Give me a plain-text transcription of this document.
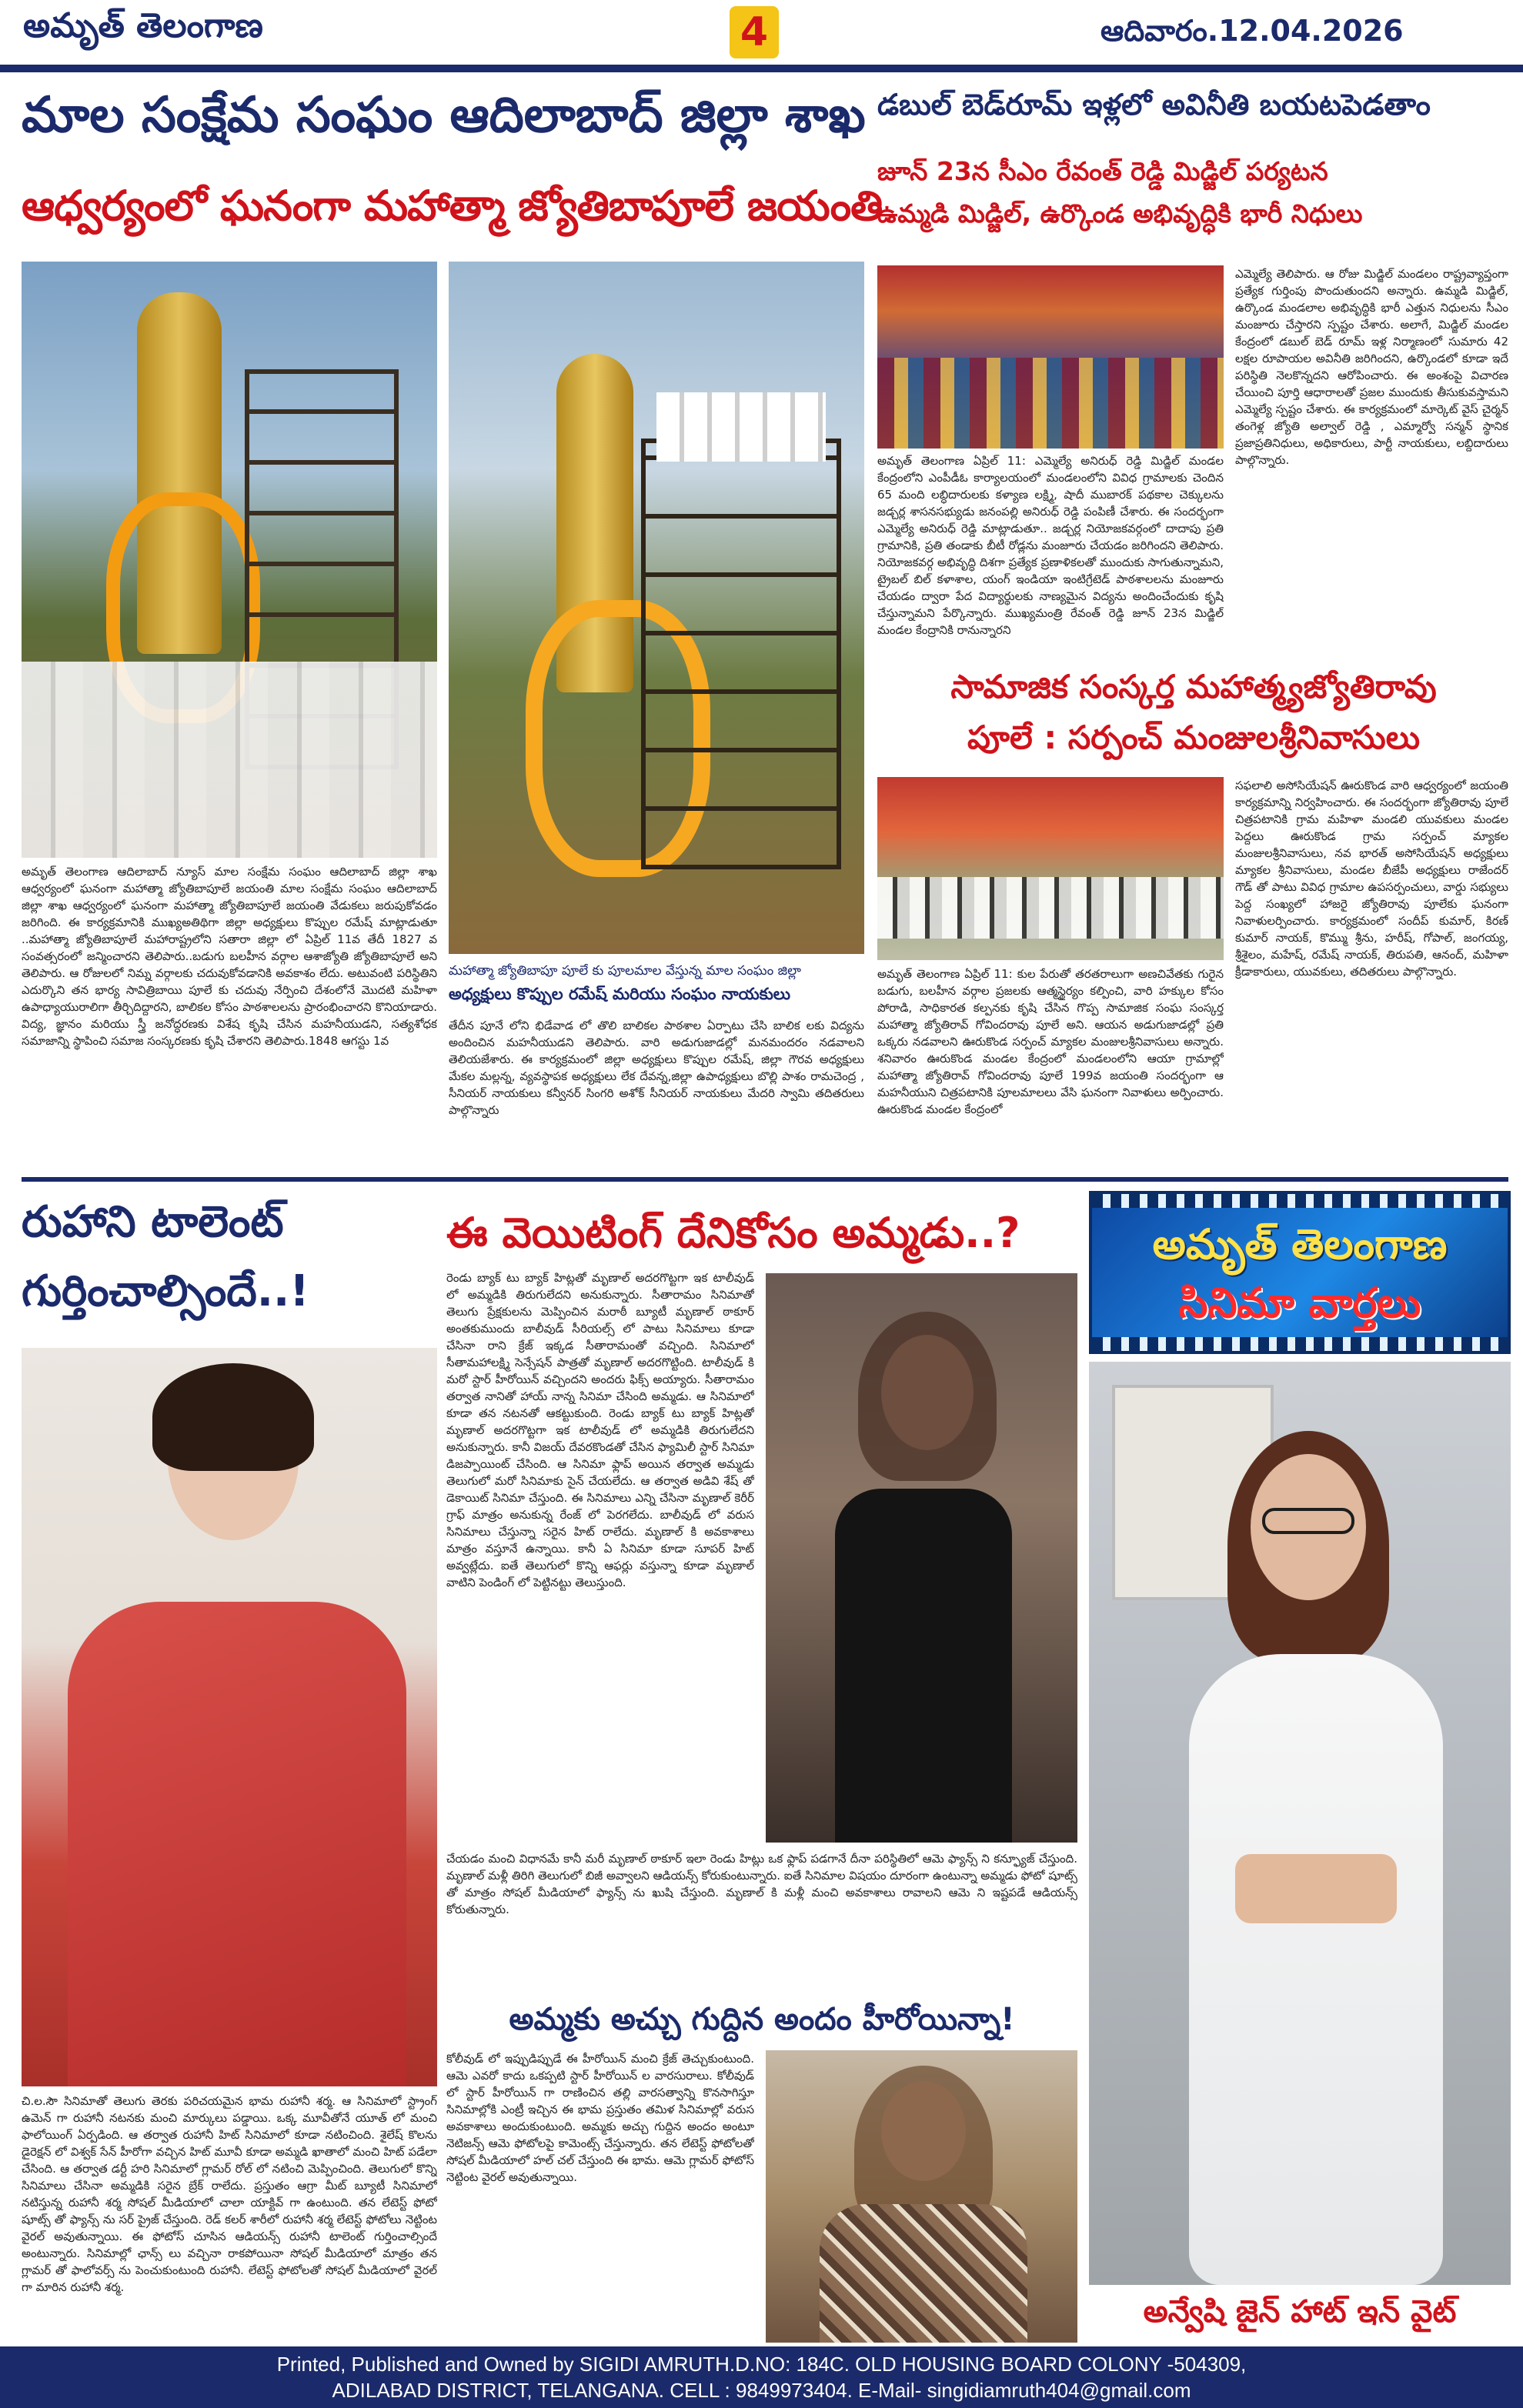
అమృత్ తెలంగాణ	4	ఆదివారం.12.04.2026
మాల సంక్షేమ సంఘం ఆదిలాబాద్ జిల్లా శాఖ
ఆధ్వర్యంలో ఘనంగా మహాత్మా జ్యోతిబాపూలే జయంతి
మహాత్మా జ్యోతిబాపూ పూలే కు పూలమాల వేస్తున్న మాల సంఘం జిల్లా
అధ్యక్షులు కొప్పుల రమేష్ మరియు సంఘం నాయకులు
అమృత్ తెలంగాణ ఆదిలాబాద్ న్యూస్ మాల సంక్షేమ సంఘం ఆదిలాబాద్ జిల్లా శాఖ ఆధ్వర్యంలో ఘనంగా మహాత్మా జ్యోతిబాపూలే జయంతి మాల సంక్షేమ సంఘం ఆదిలాబాద్ జిల్లా శాఖ ఆధ్వర్యంలో ఘనంగా మహాత్మా జ్యోతిబాపూలే జయంతి వేడుకలు జరుపుకోవడం జరిగింది. ఈ కార్యక్రమానికి ముఖ్యఅతిథిగా జిల్లా అధ్యక్షులు కొప్పుల రమేష్ మాట్లాడుతూ ..మహాత్మా జ్యోతిబాపూలే మహారాష్ట్రలోని సతారా జిల్లా లో ఏప్రిల్ 11వ తేదీ 1827 వ సంవత్సరంలో జన్మించారని తెలిపారు..బడుగు బలహీన వర్గాల ఆశాజ్యోతి జ్యోతిబాపూలే అని తెలిపారు. ఆ రోజులలో నిమ్న వర్గాలకు చదువుకోవడానికి అవకాశం లేదు. అటువంటి పరిస్థితిని ఎదుర్కొని తన భార్య సావిత్రిబాయి పూలే కు చదువు నేర్పించి దేశంలోనే మొదటి మహిళా ఉపాధ్యాయురాలిగా తీర్చిదిద్దారని, బాలికల కోసం పాఠశాలలను ప్రారంభించారని కొనియాడారు. విద్య, జ్ఞానం మరియు స్త్రీ జనోద్ధరణకు విశేష కృషి చేసిన మహనీయుడని, సత్యశోధక సమాజాన్ని స్థాపించి సమాజ సంస్కరణకు కృషి చేశారని తెలిపారు.1848 ఆగస్టు 1వ
తేదీన పూనే లోని భిడేవాడ లో తొలి బాలికల పాఠశాల ఏర్పాటు చేసి బాలిక లకు విద్యను అందించిన మహనీయుడని తెలిపారు. వారి అడుగుజాడల్లో మనమందరం నడవాలని తెలియజేశారు. ఈ కార్యక్రమంలో జిల్లా అధ్యక్షులు కొప్పుల రమేష్, జిల్లా గౌరవ అధ్యక్షులు మేకల మల్లన్న, వ్యవస్థాపక అధ్యక్షులు లేక దేవన్న,జిల్లా ఉపాధ్యక్షులు బొల్లి పాశం రామచెంద్ర , సీనియర్ నాయకులు కన్వీనర్ సింగరి అశోక్ సీనియర్ నాయకులు మేదరి స్వామి తదితరులు పాల్గొన్నారు
డబుల్ బెడ్‌రూమ్ ఇళ్లలో అవినీతి బయటపెడతాం
జూన్ 23న సీఎం రేవంత్ రెడ్డి మిడ్జిల్ పర్యటన
ఉమ్మడి మిడ్జిల్, ఉర్కొండ అభివృద్ధికి భారీ నిధులు
అమృత్ తెలంగాణ ఏప్రిల్ 11: ఎమ్మెల్యే అనిరుధ్ రెడ్డి మిడ్జిల్ మండల కేంద్రంలోని ఎంపీడీఓ కార్యాలయంలో మండలంలోని వివిధ గ్రామాలకు చెందిన 65 మంది లబ్ధిదారులకు కళ్యాణ లక్ష్మి, షాదీ ముబారక్ పథకాల చెక్కులను జడ్చర్ల శాసనసభ్యుడు జనంపల్లి అనిరుధ్ రెడ్డి పంపిణీ చేశారు. ఈ సందర్భంగా ఎమ్మెల్యే అనిరుధ్ రెడ్డి మాట్లాడుతూ.. జడ్చర్ల నియోజకవర్గంలో దాదాపు ప్రతి గ్రామానికి, ప్రతి తండాకు బీటీ రోడ్లను మంజూరు చేయడం జరిగిందని తెలిపారు. నియోజకవర్గ అభివృద్ధి దిశగా ప్రత్యేక ప్రణాళికలతో ముందుకు సాగుతున్నామని, ట్రైబల్ బిల్ కళాశాల, యంగ్ ఇండియా ఇంటిగ్రేటెడ్ పాఠశాలలను మంజూరు చేయడం ద్వారా పేద విద్యార్థులకు నాణ్యమైన విద్యను అందించేందుకు కృషి చేస్తున్నామని పేర్కొన్నారు. ముఖ్యమంత్రి రేవంత్ రెడ్డి జూన్ 23న మిడ్జిల్ మండల కేంద్రానికి రానున్నారని
ఎమ్మెల్యే తెలిపారు. ఆ రోజు మిడ్జిల్ మండలం రాష్ట్రవ్యాప్తంగా ప్రత్యేక గుర్తింపు పొందుతుందని అన్నారు. ఉమ్మడి మిడ్జిల్, ఉర్కొండ మండలాల అభివృద్ధికి భారీ ఎత్తున నిధులను సీఎం మంజూరు చేస్తారని స్పష్టం చేశారు. అలాగే, మిడ్జిల్ మండల కేంద్రంలో డబుల్ బెడ్ రూమ్ ఇళ్ల నిర్మాణంలో సుమారు 42 లక్షల రూపాయల అవినీతి జరిగిందని, ఉర్కొండలో కూడా ఇదే పరిస్థితి నెలకొన్నదని ఆరోపించారు. ఈ అంశంపై విచారణ చేయించి పూర్తి ఆధారాలతో ప్రజల ముందుకు తీసుకువస్తామని ఎమ్మెల్యే స్పష్టం చేశారు. ఈ కార్యక్రమంలో మార్కెట్ వైస్ చైర్మన్ తంగెళ్ల జ్యోతి అల్వాల్ రెడ్డి , ఎమ్మార్వో సన్మన్ స్థానిక ప్రజాప్రతినిధులు, అధికారులు, పార్టీ నాయకులు, లబ్దిదారులు పాల్గొన్నారు.
సామాజిక సంస్కర్త మహాత్మ్యజ్యోతిరావు
పూలే : సర్పంచ్ మంజులశ్రీనివాసులు
అమృత్ తెలంగాణ ఏప్రిల్ 11: కుల పేరుతో తరతరాలుగా అణచివేతకు గురైన బడుగు, బలహీన వర్గాల ప్రజలకు ఆత్మస్థైర్యం కల్పించి, వారి హక్కుల కోసం పోరాడి, సాధికారత కల్పనకు కృషి చేసిన గొప్ప సామాజిక సంఘ సంస్కర్త మహాత్మా జ్యోతిరావ్ గోవిందరావు పూలే అని. ఆయన అడుగుజాడల్లో ప్రతి ఒక్కరు నడవాలని ఊరుకొండ సర్పంచ్ మ్యాకల మంజులశ్రీనివాసులు అన్నారు. శనివారం ఊరుకొండ మండల కేంద్రంలో మండలంలోని ఆయా గ్రామాల్లో మహాత్మా జ్యోతిరావ్ గోవిందరావు పూలే 199వ జయంతి సందర్భంగా ఆ మహనీయుని చిత్రపటానికి పూలమాలలు వేసి ఘనంగా నివాళులు అర్పించారు. ఊరుకొండ మండల కేంద్రంలో
సఫలాలి అసోసియేషన్ ఊరుకొండ వారి ఆధ్వర్యంలో జయంతి కార్యక్రమాన్ని నిర్వహించారు. ఈ సందర్భంగా జ్యోతిరావు పూలే చిత్రపటానికి గ్రామ మహిళా మండలి యువకులు మండల పెద్దలు ఊరుకొండ గ్రామ సర్పంచ్ మ్యాకల మంజులశ్రీనివాసులు, నవ భారత్ అసోసియేషన్ అధ్యక్షులు మ్యాకల శ్రీనివాసులు, మండల బీజేపీ అధ్యక్షులు రాజేందర్ గౌడ్ తో పాటు వివిధ గ్రామాల ఉపసర్పంచులు, వార్డు సభ్యులు పెద్ద సంఖ్యలో హాజరై జ్యోతిరావు పూలేకు ఘనంగా నివాళులర్పించారు. కార్యక్రమంలో సందీప్ కుమార్, కిరణ్ కుమార్ నాయక్, కొమ్ము శ్రీను, హరీష్, గోపాల్, జంగయ్య, శ్రీశైలం, మహేష్, రమేష్ నాయక్, తిరుపతి, ఆనంద్, మహిళా క్రీడాకారులు, యువకులు, తదితరులు పాల్గొన్నారు.
రుహాని టాలెంట్
గుర్తించాల్సిందే..!
చి.ల.సౌ సినిమాతో తెలుగు తెరకు పరిచయమైన భామ రుహానీ శర్మ. ఆ సినిమాలో స్ట్రాంగ్ ఉమెన్ గా రుహానీ నటనకు మంచి మార్కులు పడ్డాయి. ఒక్క మూవీతోనే యూత్ లో మంచి ఫాలోయింగ్ ఏర్పడింది. ఆ తర్వాత రుహానీ హిట్ సినిమాలో కూడా నటించింది. శైలేష్ కొలను డైరెక్షన్ లో విశ్వక్ సేన్ హీరోగా వచ్చిన హిట్ మూవీ కూడా అమ్మడి ఖాతాలో మంచి హిట్ పడేలా చేసింది. ఆ తర్వాత డర్టీ హరి సినిమాలో గ్లామర్ రోల్ లో నటించి మెప్పించింది. తెలుగులో కొన్ని సినిమాలు చేసినా అమ్మడికి సరైన బ్రేక్ రాలేదు. ప్రస్తుతం ఆగ్రా మీట్ బ్యూటీ సినిమాలో నటిస్తున్న రుహానీ శర్మ సోషల్ మీడియాలో చాలా యాక్టివ్ గా ఉంటుంది. తన లేటెస్ట్ ఫోటో షూట్స్ తో ఫ్యాన్స్ ను సర్ ప్రైజ్ చేస్తుంది. రెడ్ కలర్ శారీలో రుహానీ శర్మ లేటెస్ట్ ఫోటోలు నెట్టింట వైరల్ అవుతున్నాయి. ఈ ఫోటోస్ చూసిన ఆడియన్స్ రుహానీ టాలెంట్ గుర్తించాల్సిందే అంటున్నారు. సినిమాల్లో ఛాన్స్ లు వచ్చినా రాకపోయినా సోషల్ మీడియాలో మాత్రం తన గ్లామర్ తో ఫాలోవర్స్ ను పెంచుకుంటుంది రుహానీ. లేటెస్ట్ ఫోటోలతో సోషల్ మీడియాలో వైరల్ గా మారిన రుహానీ శర్మ.
ఈ వెయిటింగ్ దేనికోసం అమ్మడు..?
రెండు బ్యాక్ టు బ్యాక్ హిట్లతో మృణాల్ అదరగొట్టగా ఇక టాలీవుడ్ లో అమ్మడికి తిరుగులేదని అనుకున్నారు. సీతారామం సినిమాతో తెలుగు ప్రేక్షకులను మెప్పించిన మరాఠీ బ్యూటీ మృణాల్ ఠాకూర్ అంతకుముందు బాలీవుడ్ సీరియల్స్ లో పాటు సినిమాలు కూడా చేసినా రాని క్రేజ్ ఇక్కడ సీతారామంతో వచ్చింది. సినిమాలో సీతామహాలక్ష్మి సెన్సేషన్ పాత్రతో మృణాల్ అదరగొట్టింది. టాలీవుడ్ కి మరో స్టార్ హీరోయిన్ వచ్చిందని అందరు ఫిక్స్ అయ్యారు. సీతారామం తర్వాత నానితో హాయ్ నాన్న సినిమా చేసింది అమ్మడు. ఆ సినిమాలో కూడా తన నటనతో ఆకట్టుకుంది. రెండు బ్యాక్ టు బ్యాక్ హిట్లతో మృణాల్ అదరగొట్టగా ఇక టాలీవుడ్ లో అమ్మడికి తిరుగులేదని అనుకున్నారు. కానీ విజయ్ దేవరకొండతో చేసిన ఫ్యామిలీ స్టార్ సినిమా డిజప్పాయింట్ చేసింది. ఆ సినిమా ఫ్లాప్ అయిన తర్వాత అమ్మడు తెలుగులో మరో సినిమాకు సైన్ చేయలేదు. ఆ తర్వాత అడివి శేష్ తో డెకాయిట్ సినిమా చేస్తుంది. ఈ సినిమాలు ఎన్ని చేసినా మృణాల్ కెరీర్ గ్రాఫ్ మాత్రం అనుకున్న రేంజ్ లో పెరగలేదు. బాలీవుడ్ లో వరుస సినిమాలు చేస్తున్నా సరైన హిట్ రాలేదు. మృణాల్ కి అవకాశాలు మాత్రం వస్తూనే ఉన్నాయి. కానీ ఏ సినిమా కూడా సూపర్ హిట్ అవ్వట్లేదు. ఐతే తెలుగులో కొన్ని ఆఫర్లు వస్తున్నా కూడా మృణాల్ వాటిని పెండింగ్ లో పెట్టినట్టు తెలుస్తుంది.
చేయడం మంచి విధానమే కానీ మరీ మృణాల్ ఠాకూర్ ఇలా రెండు హిట్లు ఒక ఫ్లాప్ పడగానే దీనా పరిస్థితిలో ఆమె ఫ్యాన్స్ ని కన్ఫ్యూజ్ చేస్తుంది. మృణాల్ మళ్లీ తిరిగి తెలుగులో బిజీ అవ్వాలని ఆడియన్స్ కోరుకుంటున్నారు. ఐతే సినిమాల విషయం దూరంగా ఉంటున్నా అమ్మడు ఫోటో షూట్స్ తో మాత్రం సోషల్ మీడియాలో ఫ్యాన్స్ ను ఖుషి చేస్తుంది. మృణాల్ కి మళ్లీ మంచి అవకాశాలు రావాలని ఆమె ని ఇష్టపడే ఆడియన్స్ కోరుతున్నారు.
అమ్మకు అచ్చు గుద్దిన అందం హీరోయిన్నా!
కోలీవుడ్ లో ఇప్పుడిప్పుడే ఈ హీరోయిన్ మంచి క్రేజ్ తెచ్చుకుంటుంది. ఆమె ఎవరో కాదు ఒకప్పటి స్టార్ హీరోయిన్ ల వారసురాలు. కోలీవుడ్ లో స్టార్ హీరోయిన్ గా రాణించిన తల్లి వారసత్వాన్ని కొనసాగిస్తూ సినిమాల్లోకి ఎంట్రీ ఇచ్చిన ఈ భామ ప్రస్తుతం తమిళ సినిమాల్లో వరుస అవకాశాలు అందుకుంటుంది. అమ్మకు అచ్చు గుద్దిన అందం అంటూ నెటిజన్స్ ఆమె ఫోటోలపై కామెంట్స్ చేస్తున్నారు. తన లేటెస్ట్ ఫోటోలతో సోషల్ మీడియాలో హల్ చల్ చేస్తుంది ఈ భామ. ఆమె గ్లామర్ ఫోటోస్ నెట్టింట వైరల్ అవుతున్నాయి.
అమృత్ తెలంగాణ
సినిమా వార్తలు
అన్వేషి జైన్ హాట్ ఇన్ వైట్
Printed, Published and Owned by SIGIDI AMRUTH.D.NO: 184C. OLD HOUSING BOARD COLONY -504309,
ADILABAD DISTRICT, TELANGANA. CELL : 9849973404. E-Mail- singidiamruth404@gmail.com
